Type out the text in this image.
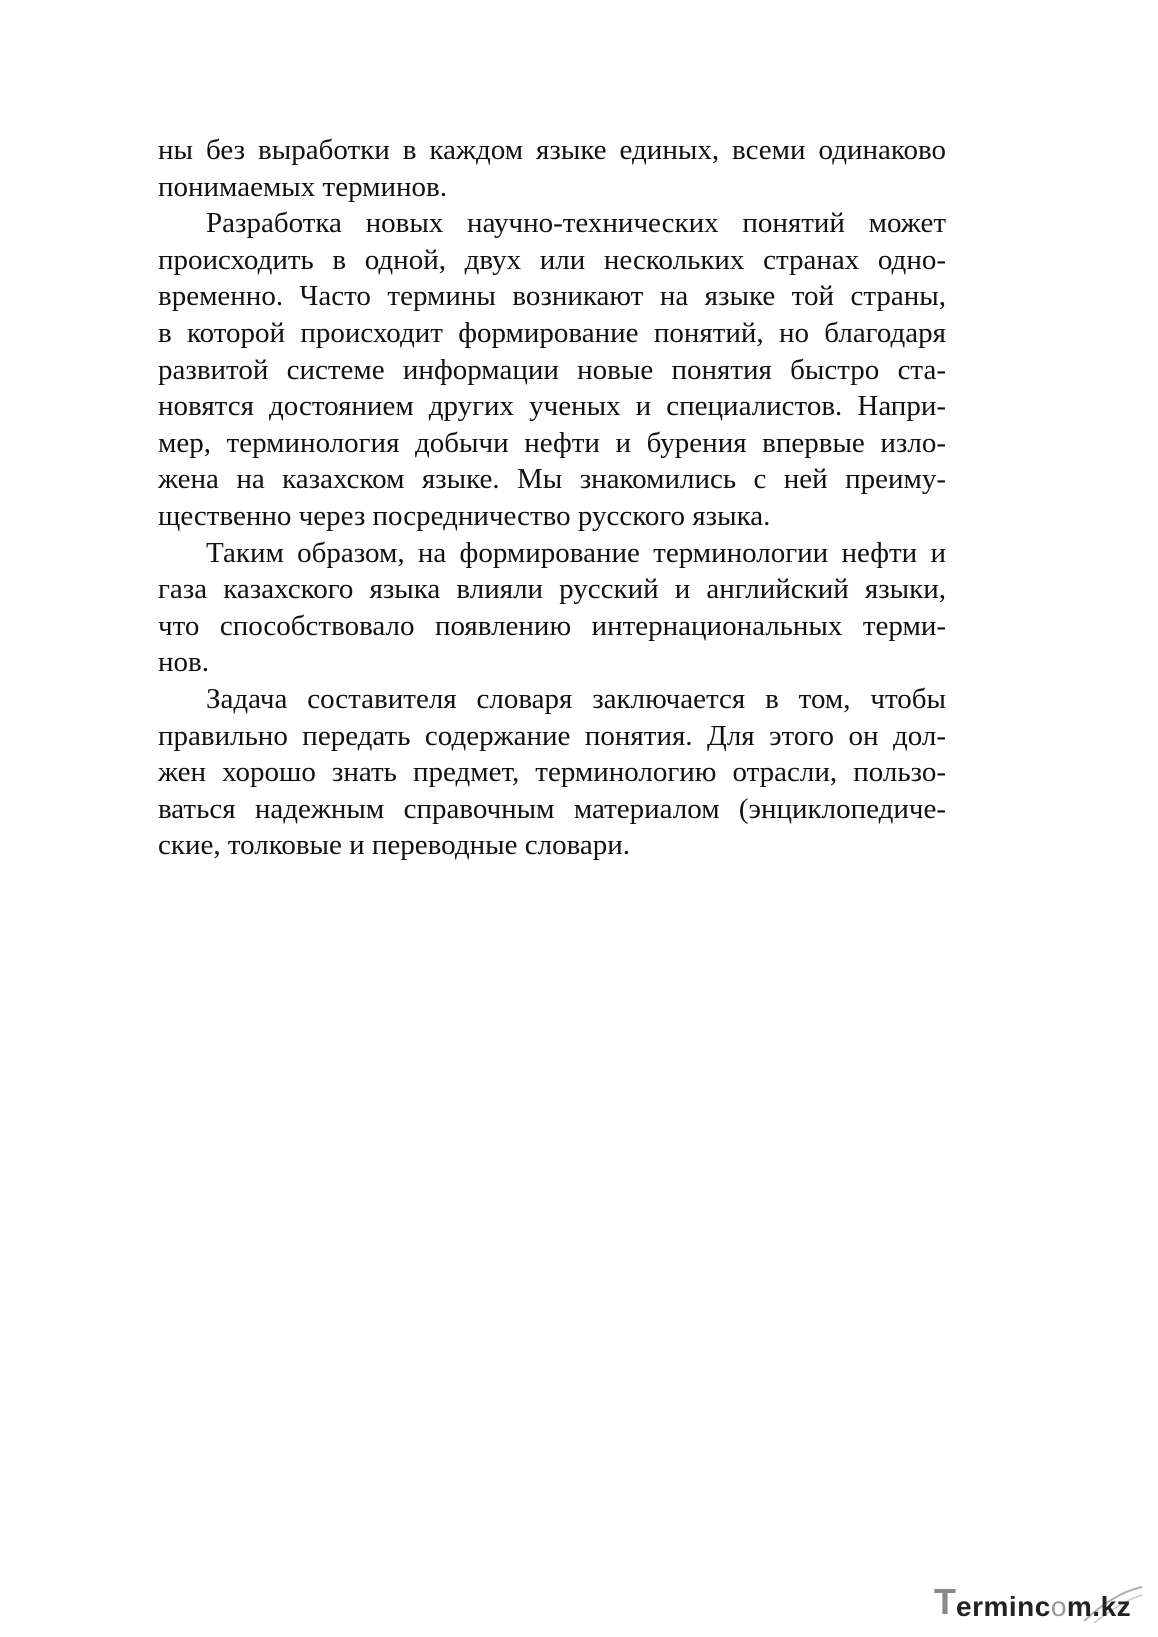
ны без выработки в каждом языке единых, всеми одинаково
понимаемых терминов.

Разработка новых научно-технических понятий может
происходить в одной, двух или нескольких странах одно-
временно. Часто термины возникают на языке той страны,
в которой происходит формирование понятий, но благодаря
развитой системе информации новые понятия быстро ста-
новятся достоянием других ученых и специалистов. Напри-
мер, терминология добычи нефти и бурения впервые изло-
жена на казахском языке. Мы знакомились с ней преиму-
щественно через посредничество русского языка.

Таким образом, на формирование терминологии нефти и
газа казахского языка влияли русский и английский языки,
что способствовало появлению интернациональных терми-
нов.

Задача составителя словаря заключается в том, чтобы
правильно передать содержание понятия. Для этого он дол-
жен хорошо знать предмет, терминологию отрасли, пользо-
ваться надежным справочным материалом (энциклопедиче-
ские, толковые и переводные словари.

T ermincom.kz
